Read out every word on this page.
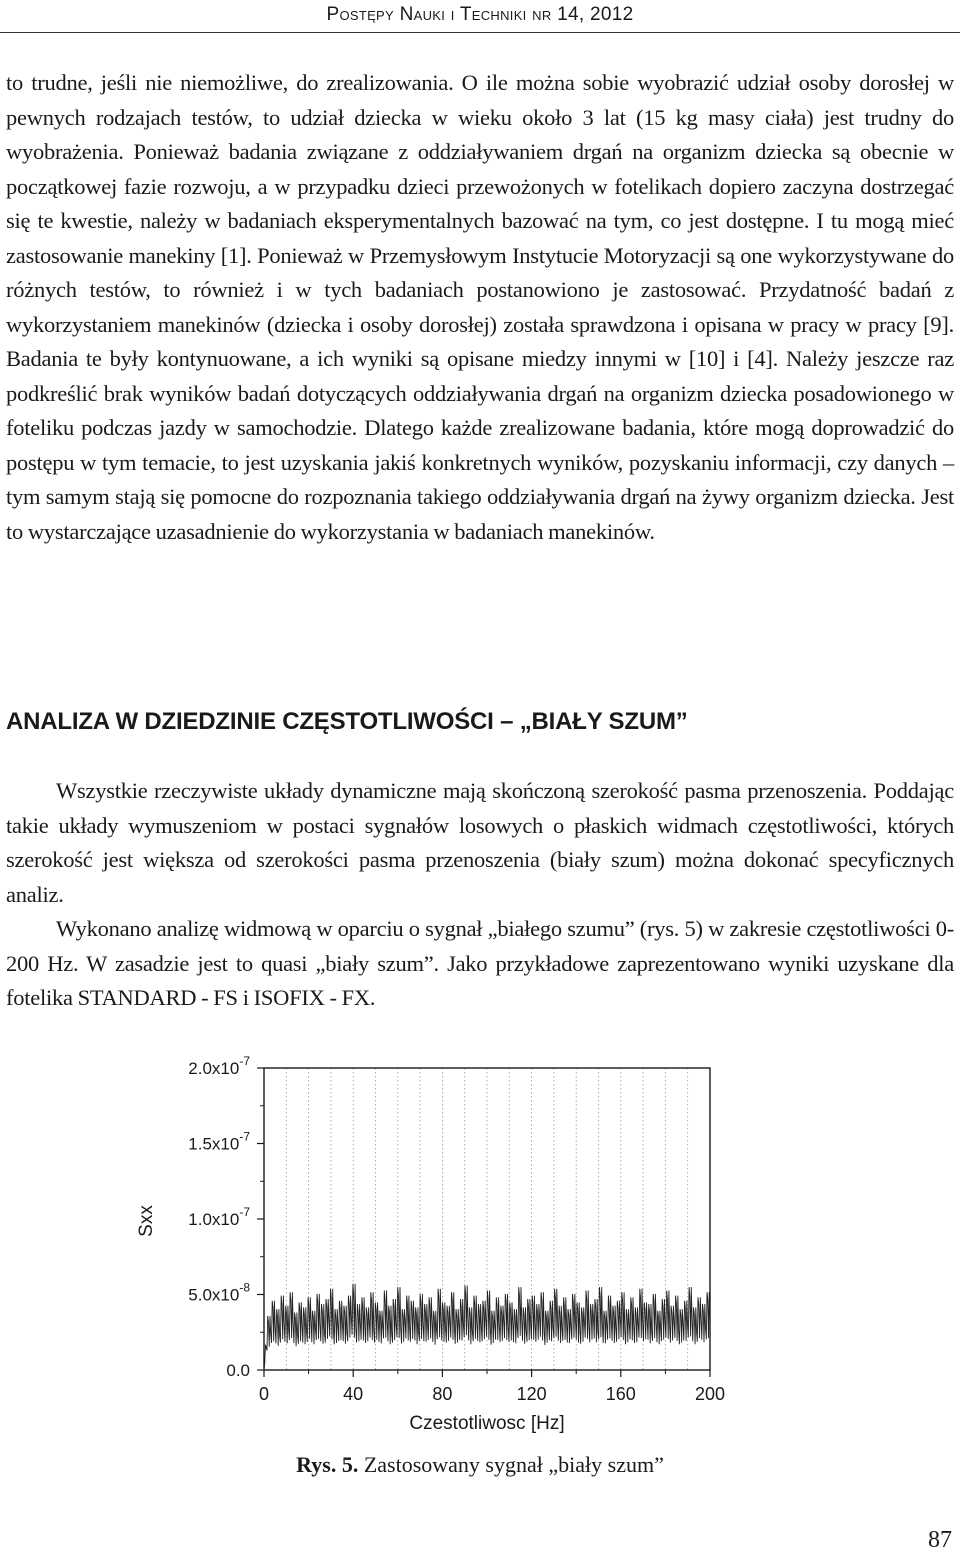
Postępy Nauki i Techniki nr 14, 2012

to trudne, jeśli nie niemożliwe, do zrealizowania. O ile można sobie wyobrazić udział osoby dorosłej w pewnych rodzajach testów, to udział dziecka w wieku około 3 lat (15 kg masy ciała) jest trudny do wyobrażenia. Ponieważ badania związane z oddziaływaniem drgań na organizm dziecka są obecnie w początkowej fazie rozwoju, a w przypadku dzieci przewożonych w fotelikach dopiero zaczyna dostrzegać się te kwestie, należy w badaniach eksperymentalnych bazować na tym, co jest dostępne. I tu mogą mieć zastosowanie manekiny [1]. Ponieważ w Przemysłowym Instytucie Motoryzacji są one wykorzystywane do różnych testów, to również i w tych badaniach postanowiono je zastosować. Przydatność badań z wykorzystaniem manekinów (dziecka i osoby dorosłej) została sprawdzona i opisana w pracy w pracy [9]. Badania te były kontynuowane, a ich wyniki są opisane miedzy innymi w [10] i [4]. Należy jeszcze raz podkreślić brak wyników badań dotyczących oddziaływania drgań na organizm dziecka posadowionego w foteliku podczas jazdy w samochodzie. Dlatego każde zrealizowane badania, które mogą doprowadzić do postępu w tym temacie, to jest uzyskania jakiś konkretnych wyników, pozyskaniu informacji, czy danych – tym samym stają się pomocne do rozpoznania takiego oddziaływania drgań na żywy organizm dziecka. Jest to wystarczające uzasadnienie do wykorzystania w badaniach manekinów.

ANALIZA W DZIEDZINIE CZĘSTOTLIWOŚCI – „BIAŁY SZUM”

Wszystkie rzeczywiste układy dynamiczne mają skończoną szerokość pasma przenoszenia. Poddając takie układy wymuszeniom w postaci sygnałów losowych o płaskich widmach częstotliwości, których szerokość jest większa od szerokości pasma przenoszenia (biały szum) można dokonać specyficznych analiz.

Wykonano analizę widmową w oparciu o sygnał „białego szumu” (rys. 5) w zakresie częstotliwości 0-200 Hz. W zasadzie jest to quasi „biały szum”. Jako przykładowe zaprezentowano wyniki uzyskane dla fotelika STANDARD - FS i ISOFIX - FX.

0	40	80	120	160	200
0.0
$5.0x10^{-8}$
$1.0x10^{-7}$
$1.5x10^{-7}$
$2.0x10^{-7}$
Czestotliwosc [Hz]
Sxx
Rys. 5. Zastosowany sygnał „biały szum”
87
